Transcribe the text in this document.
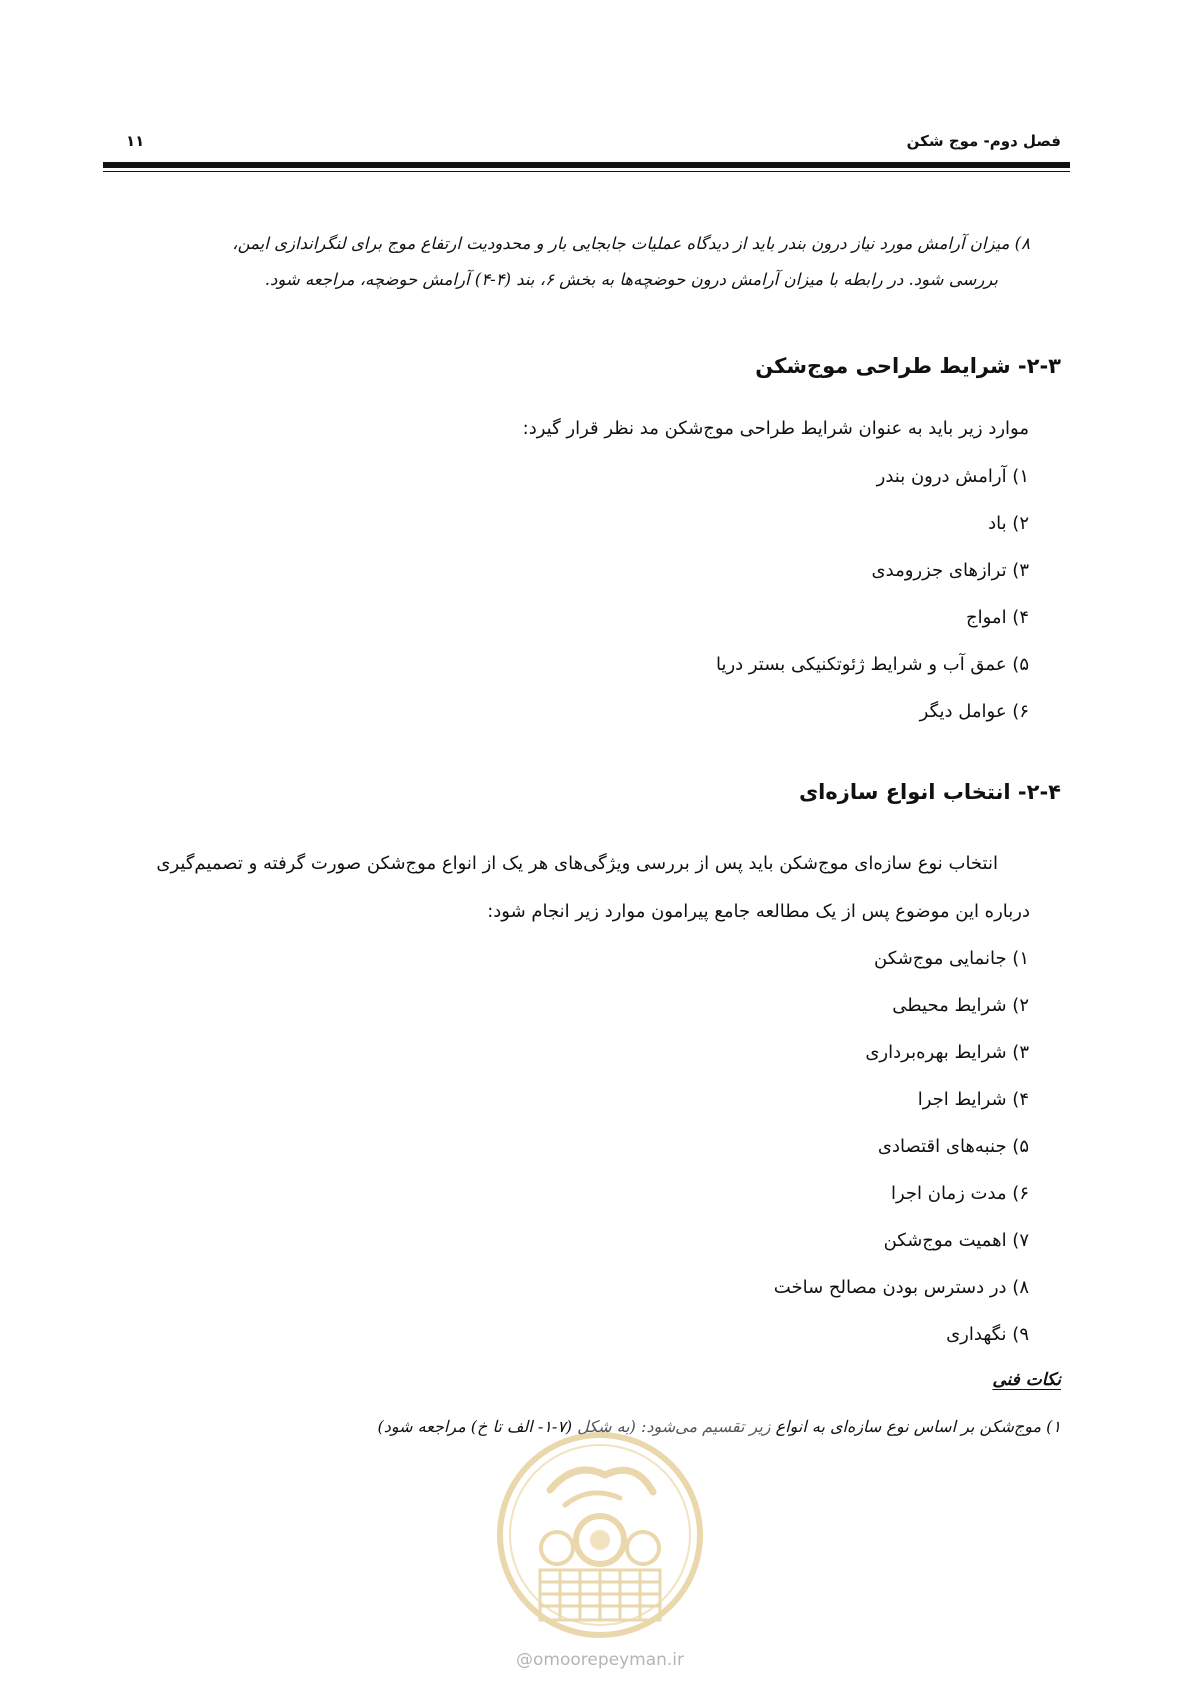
فصل دوم- موج شکن
۱۱

۸) میزان آرامش مورد نیاز درون بندر باید از دیدگاه عملیات جابجایی بار و محدودیت ارتفاع موج برای لنگراندازی ایمن،

بررسی شود. در رابطه با میزان آرامش درون حوضچه‌ها به بخش ۶، بند (۴-۴) آرامش حوضچه، مراجعه شود.

۲-۳- شرایط طراحی موج‌شکن
موارد زیر باید به عنوان شرایط طراحی موج‌شکن مد نظر قرار گیرد:
۱) آرامش درون بندر
۲) باد
۳) ترازهای جزرومدی
۴) امواج
۵) عمق آب و شرایط ژئوتکنیکی بستر دریا
۶) عوامل دیگر
۲-۴- انتخاب انواع سازه‌ای

انتخاب نوع سازه‌ای موج‌شکن باید پس از بررسی ویژگی‌های هر یک از انواع موج‌شکن صورت گرفته و تصمیم‌گیری

درباره این موضوع پس از یک مطالعه جامع پیرامون موارد زیر انجام شود:

۱) جانمایی موج‌شکن
۲) شرایط محیطی
۳) شرایط بهره‌برداری
۴) شرایط اجرا
۵) جنبه‌های اقتصادی
۶) مدت زمان اجرا
۷) اهمیت موج‌شکن
۸) در دسترس بودن مصالح ساخت
۹) نگهداری
نکات فنی
۱) موج‌شکن بر اساس نوع سازه‌ای به انواع زیر تقسیم می‌شود: (به شکل (۷-۱- الف تا خ) مراجعه شود)
@omoorepeyman.ir
